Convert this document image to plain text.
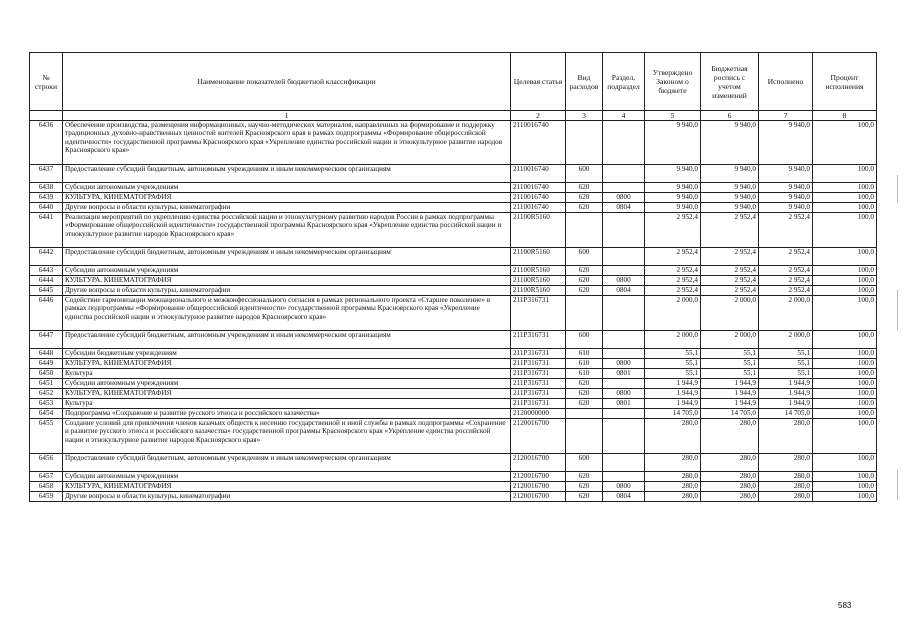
№ строки	Наименование показателей бюджетной классификации	Целевая статья	Вид расходов	Раздел, подраздел	Утверждено Законом о бюджете	Бюджетная роспись с учетом изменений	Исполнено	Процент исполнения
	1	2	3	4	5	6	7	8
6436	Обеспечение производства, размещения информационных, научно-методических материалов, направленных на формирование и поддержку традиционных духовно-нравственных ценностей жителей Красноярского края в рамках подпрограммы «Формирование общероссийской идентичности» государственной программы Красноярского края «Укрепление единства российской нации и этнокультурное развитие народов Красноярского края»	2110016740			9 940,0	9 940,0	9 940,0	100,0
6437	Предоставление субсидий бюджетным, автономным учреждениям и иным некоммерческим организациям	2110016740	600		9 940,0	9 940,0	9 940,0	100,0
6438	Субсидии автономным учреждениям	2110016740	620		9 940,0	9 940,0	9 940,0	100,0
6439	КУЛЬТУРА, КИНЕМАТОГРАФИЯ	2110016740	620	0800	9 940,0	9 940,0	9 940,0	100,0
6440	Другие вопросы в области культуры, кинематографии	2110016740	620	0804	9 940,0	9 940,0	9 940,0	100,0
6441	Реализация мероприятий по укреплению единства российской нации и этнокультурному развитию народов России в рамках подпрограммы «Формирование общероссийской идентичности» государственной программы Красноярского края «Укрепление единства российской нации и этнокультурное развитие народов Красноярского края»	21100R5160			2 952,4	2 952,4	2 952,4	100,0
6442	Предоставление субсидий бюджетным, автономным учреждениям и иным некоммерческим организациям	21100R5160	600		2 952,4	2 952,4	2 952,4	100,0
6443	Субсидии автономным учреждениям	21100R5160	620		2 952,4	2 952,4	2 952,4	100,0
6444	КУЛЬТУРА, КИНЕМАТОГРАФИЯ	21100R5160	620	0800	2 952,4	2 952,4	2 952,4	100,0
6445	Другие вопросы в области культуры, кинематографии	21100R5160	620	0804	2 952,4	2 952,4	2 952,4	100,0
6446	Содействие гармонизации межнационального и межконфессионального согласия в рамках регионального проекта «Старшее поколение» в рамках подпрограммы «Формирование общероссийской идентичности» государственной программы Красноярского края «Укрепление единства российской нации и этнокультурное развитие народов Красноярского края»	211P316731			2 000,0	2 000,0	2 000,0	100,0
6447	Предоставление субсидий бюджетным, автономным учреждениям и иным некоммерческим организациям	211P316731	600		2 000,0	2 000,0	2 000,0	100,0
6448	Субсидии бюджетным учреждениям	211P316731	610		55,1	55,1	55,1	100,0
6449	КУЛЬТУРА, КИНЕМАТОГРАФИЯ	211P316731	610	0800	55,1	55,1	55,1	100,0
6450	Культура	211P316731	610	0801	55,1	55,1	55,1	100,0
6451	Субсидии автономным учреждениям	211P316731	620		1 944,9	1 944,9	1 944,9	100,0
6452	КУЛЬТУРА, КИНЕМАТОГРАФИЯ	211P316731	620	0800	1 944,9	1 944,9	1 944,9	100,0
6453	Культура	211P316731	620	0801	1 944,9	1 944,9	1 944,9	100,0
6454	Подпрограмма «Сохранение и развитие русского этноса и российского казачества»	2120000000			14 705,0	14 705,0	14 705,0	100,0
6455	Создание условий для привлечения членов казачьих обществ к несению государственной и иной службы в рамках подпрограммы «Сохранение и развитие русского этноса и российского казачества» государственной программы Красноярского края «Укрепление единства российской нации и этнокультурное развитие народов Красноярского края»	2120016700			280,0	280,0	280,0	100,0
6456	Предоставление субсидий бюджетным, автономным учреждениям и иным некоммерческим организациям	2120016700	600		280,0	280,0	280,0	100,0
6457	Субсидии автономным учреждениям	2120016700	620		280,0	280,0	280,0	100,0
6458	КУЛЬТУРА, КИНЕМАТОГРАФИЯ	2120016700	620	0800	280,0	280,0	280,0	100,0
6459	Другие вопросы в области культуры, кинематографии	2120016700	620	0804	280,0	280,0	280,0	100,0
583
